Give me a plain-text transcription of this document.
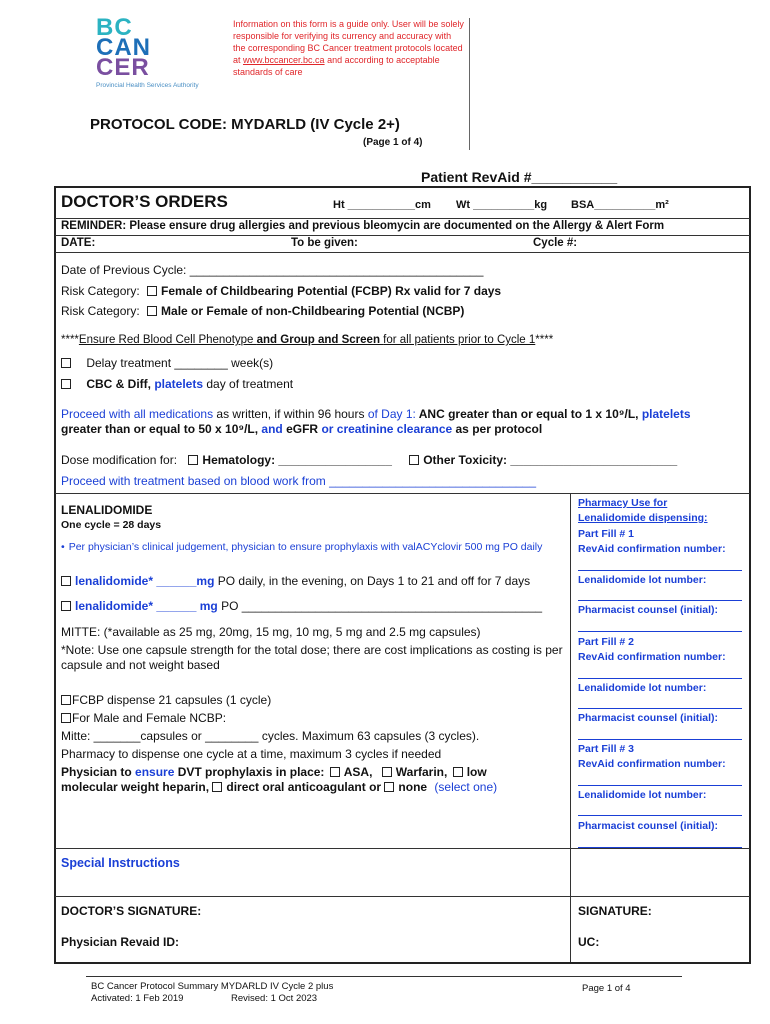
BC
CAN
CER
Provincial Health Services Authority
Information on this form is a guide only. User will be solely responsible for verifying its currency and accuracy with the corresponding BC Cancer treatment protocols located at www.bccancer.bc.ca and according to acceptable standards of care
PROTOCOL CODE: MYDARLD (IV Cycle 2+)
(Page 1 of 4)
Patient RevAid #___________
DOCTOR’S ORDERS	Ht ___________cm Wt __________kg BSA__________m²
REMINDER: Please ensure drug allergies and previous bleomycin are documented on the Allergy & Alert Form
DATE:	To be given:	Cycle #:
Date of Previous Cycle: ____________________________________________
Risk Category: Female of Childbearing Potential (FCBP) Rx valid for 7 days
Risk Category: Male or Female of non-Childbearing Potential (NCBP)
****Ensure Red Blood Cell Phenotype and Group and Screen for all patients prior to Cycle 1****
Delay treatment ________ week(s)
CBC & Diff, platelets day of treatment
Proceed with all medications as written, if within 96 hours of Day 1: ANC greater than or equal to 1 x 10⁹/L, platelets
greater than or equal to 50 x 10⁹/L, and eGFR or creatinine clearance as per protocol
Dose modification for: Hematology: _________________	Other Toxicity: _________________________
Proceed with treatment based on blood work from _______________________________
LENALIDOMIDE
One cycle = 28 days
• Per physician’s clinical judgement, physician to ensure prophylaxis with valACYclovir 500 mg PO daily
lenalidomide* ______mg PO daily, in the evening, on Days 1 to 21 and off for 7 days
lenalidomide* ______ mg PO _____________________________________________
MITTE: (*available as 25 mg, 20mg, 15 mg, 10 mg, 5 mg and 2.5 mg capsules)
*Note: Use one capsule strength for the total dose; there are cost implications as costing is per capsule and not weight based
FCBP dispense 21 capsules (1 cycle)
For Male and Female NCBP:
Mitte: _______capsules or ________ cycles. Maximum 63 capsules (3 cycles).
Pharmacy to dispense one cycle at a time, maximum 3 cycles if needed
Physician to ensure DVT prophylaxis in place: ASA, Warfarin, low
molecular weight heparin, direct oral anticoagulant or none (select one)
Pharmacy Use for
Lenalidomide dispensing:
Part Fill # 1
RevAid confirmation number:
Lenalidomide lot number:
Pharmacist counsel (initial):
Part Fill # 2
RevAid confirmation number:
Lenalidomide lot number:
Pharmacist counsel (initial):
Part Fill # 3
RevAid confirmation number:
Lenalidomide lot number:
Pharmacist counsel (initial):
Special Instructions
DOCTOR’S SIGNATURE:
Physician Revaid ID:
SIGNATURE:
UC:
BC Cancer Protocol Summary MYDARLD IV Cycle 2 plus
Activated: 1 Feb 2019	Revised: 1 Oct 2023
Page 1 of 4
